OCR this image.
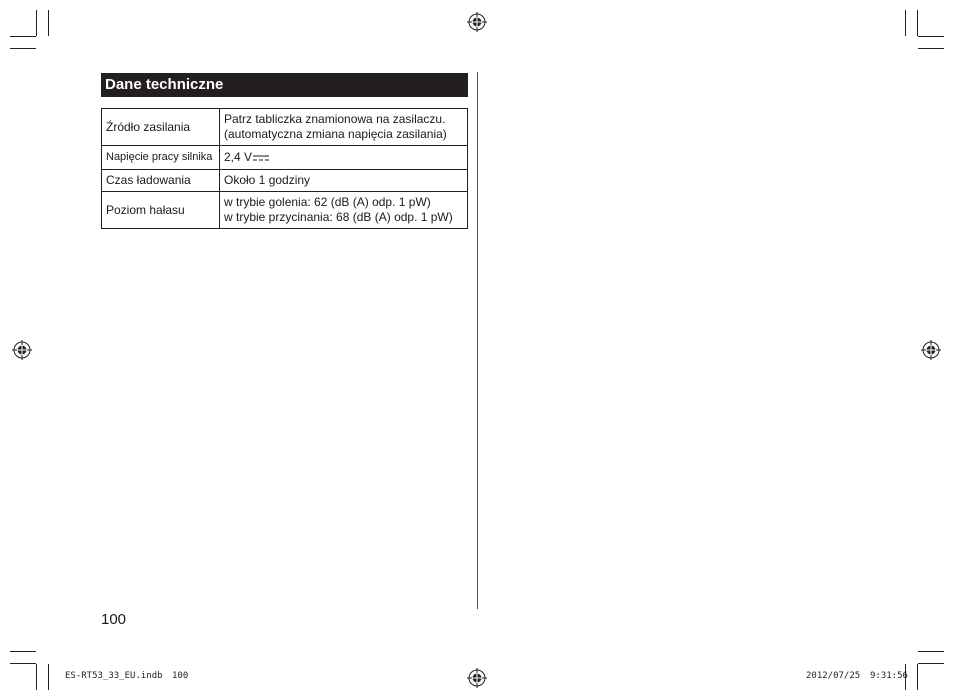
Dane techniczne
Źródło zasilania	Patrz tabliczka znamionowa na zasilaczu.
(automatyczna zmiana napięcia zasilania)

Napięcie pracy silnika	2,4 V
Czas ładowania	Około 1 godziny
Poziom hałasu	w trybie golenia: 62 (dB (A) odp. 1 pW)
w trybie przycinania: 68 (dB (A) odp. 1 pW)
100
ES-RT53_33_EU.indb 100	2012/07/25 9:31:56
